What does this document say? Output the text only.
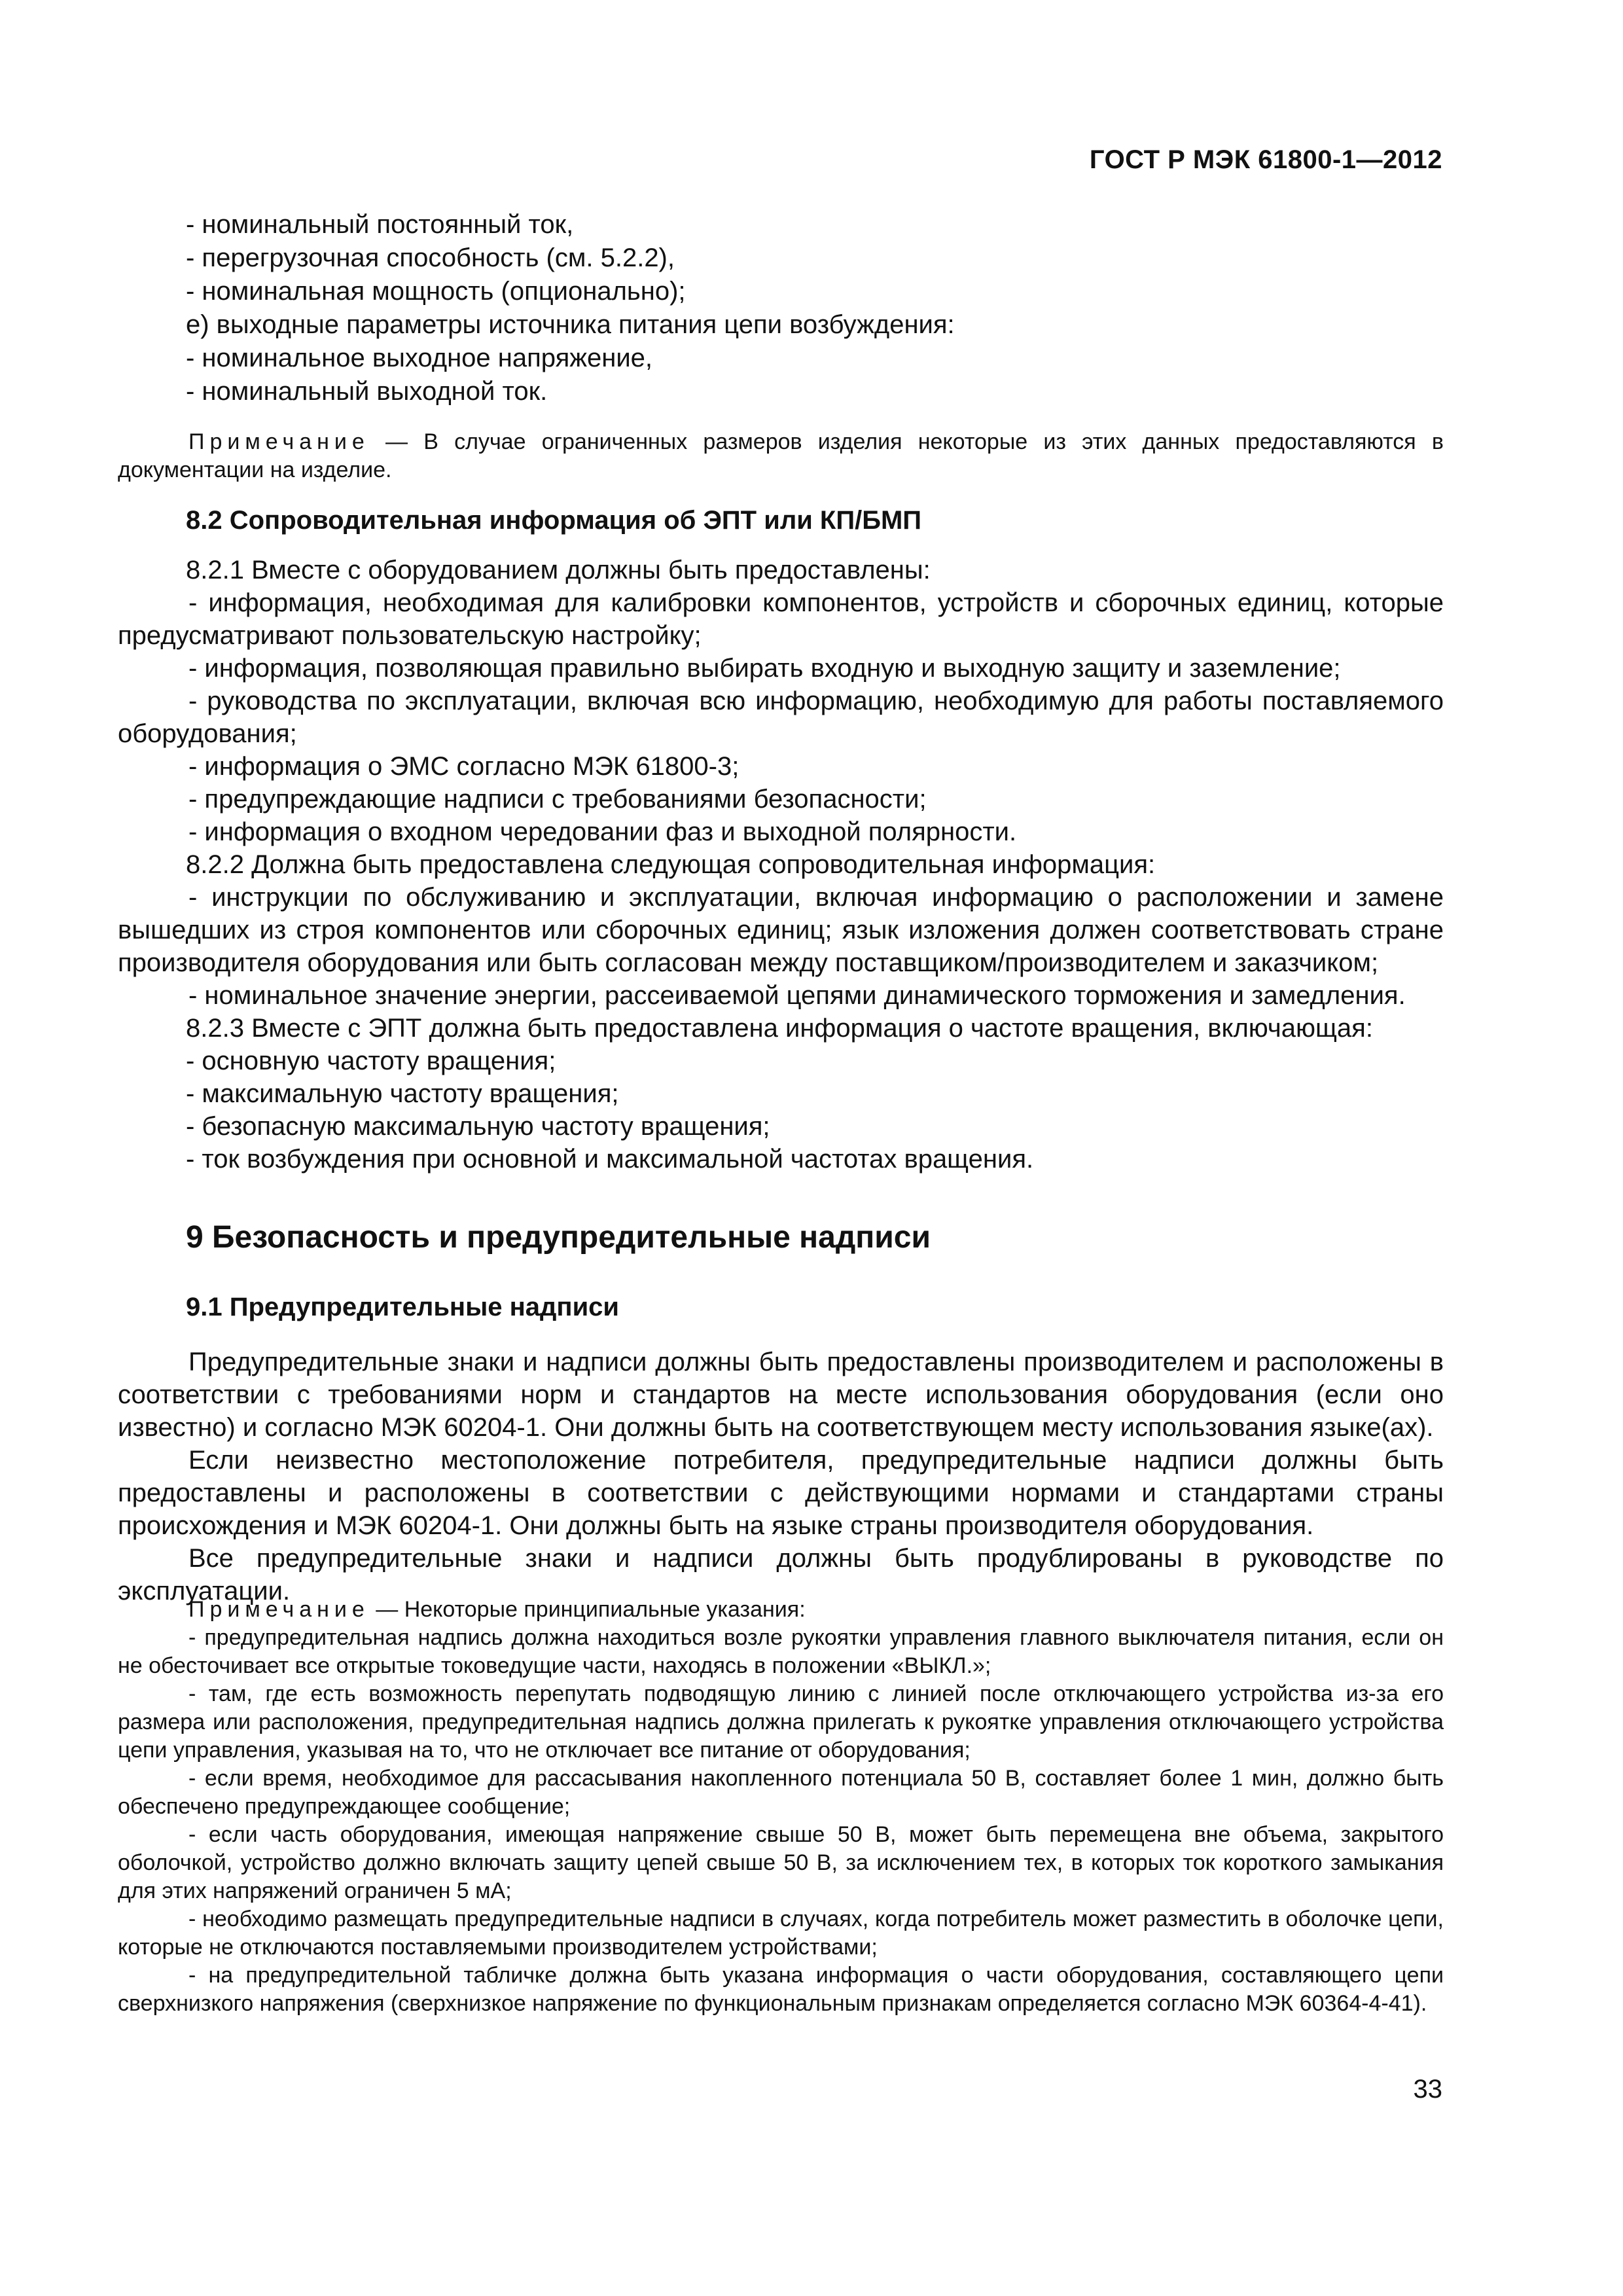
ГОСТ Р МЭК 61800-1—2012
- номинальный постоянный ток,
- перегрузочная способность (см. 5.2.2),
- номинальная мощность (опционально);
е) выходные параметры источника питания цепи возбуждения:
- номинальное выходное напряжение,
- номинальный выходной ток.
Примечание — В случае ограниченных размеров изделия некоторые из этих данных предоставляются в документации на изделие.
8.2 Сопроводительная информация об ЭПТ или КП/БМП
8.2.1 Вместе с оборудованием должны быть предоставлены:
- информация, необходимая для калибровки компонентов, устройств и сборочных единиц, которые предусматривают пользовательскую настройку;
- информация, позволяющая правильно выбирать входную и выходную защиту и заземление;
- руководства по эксплуатации, включая всю информацию, необходимую для работы поставляемого оборудования;
- информация о ЭМС согласно МЭК 61800-3;
- предупреждающие надписи с требованиями безопасности;
- информация о входном чередовании фаз и выходной полярности.
8.2.2 Должна быть предоставлена следующая сопроводительная информация:
- инструкции по обслуживанию и эксплуатации, включая информацию о расположении и замене вышедших из строя компонентов или сборочных единиц; язык изложения должен соответствовать стране производителя оборудования или быть согласован между поставщиком/производителем и заказчиком;
- номинальное значение энергии, рассеиваемой цепями динамического торможения и замедления.
8.2.3 Вместе с ЭПТ должна быть предоставлена информация о частоте вращения, включающая:
- основную частоту вращения;
- максимальную частоту вращения;
- безопасную максимальную частоту вращения;
- ток возбуждения при основной и максимальной частотах вращения.
9 Безопасность и предупредительные надписи
9.1 Предупредительные надписи
Предупредительные знаки и надписи должны быть предоставлены производителем и расположены в соответствии с требованиями норм и стандартов на месте использования оборудования (если оно известно) и согласно МЭК 60204-1. Они должны быть на соответствующем месту использования языке(ах).
Если неизвестно местоположение потребителя, предупредительные надписи должны быть предоставлены и расположены в соответствии с действующими нормами и стандартами страны происхождения и МЭК 60204-1. Они должны быть на языке страны производителя оборудования.
Все предупредительные знаки и надписи должны быть продублированы в руководстве по эксплуатации.
Примечание — Некоторые принципиальные указания:
- предупредительная надпись должна находиться возле рукоятки управления главного выключателя питания, если он не обесточивает все открытые токоведущие части, находясь в положении «ВЫКЛ.»;
- там, где есть возможность перепутать подводящую линию с линией после отключающего устройства из-за его размера или расположения, предупредительная надпись должна прилегать к рукоятке управления отключающего устройства цепи управления, указывая на то, что не отключает все питание от оборудования;
- если время, необходимое для рассасывания накопленного потенциала 50 В, составляет более 1 мин, должно быть обеспечено предупреждающее сообщение;
- если часть оборудования, имеющая напряжение свыше 50 В, может быть перемещена вне объема, закрытого оболочкой, устройство должно включать защиту цепей свыше 50 В, за исключением тех, в которых ток короткого замыкания для этих напряжений ограничен 5 мА;
- необходимо размещать предупредительные надписи в случаях, когда потребитель может разместить в оболочке цепи, которые не отключаются поставляемыми производителем устройствами;
- на предупредительной табличке должна быть указана информация о части оборудования, составляющего цепи сверхнизкого напряжения (сверхнизкое напряжение по функциональным признакам определяется согласно МЭК 60364-4-41).
33
